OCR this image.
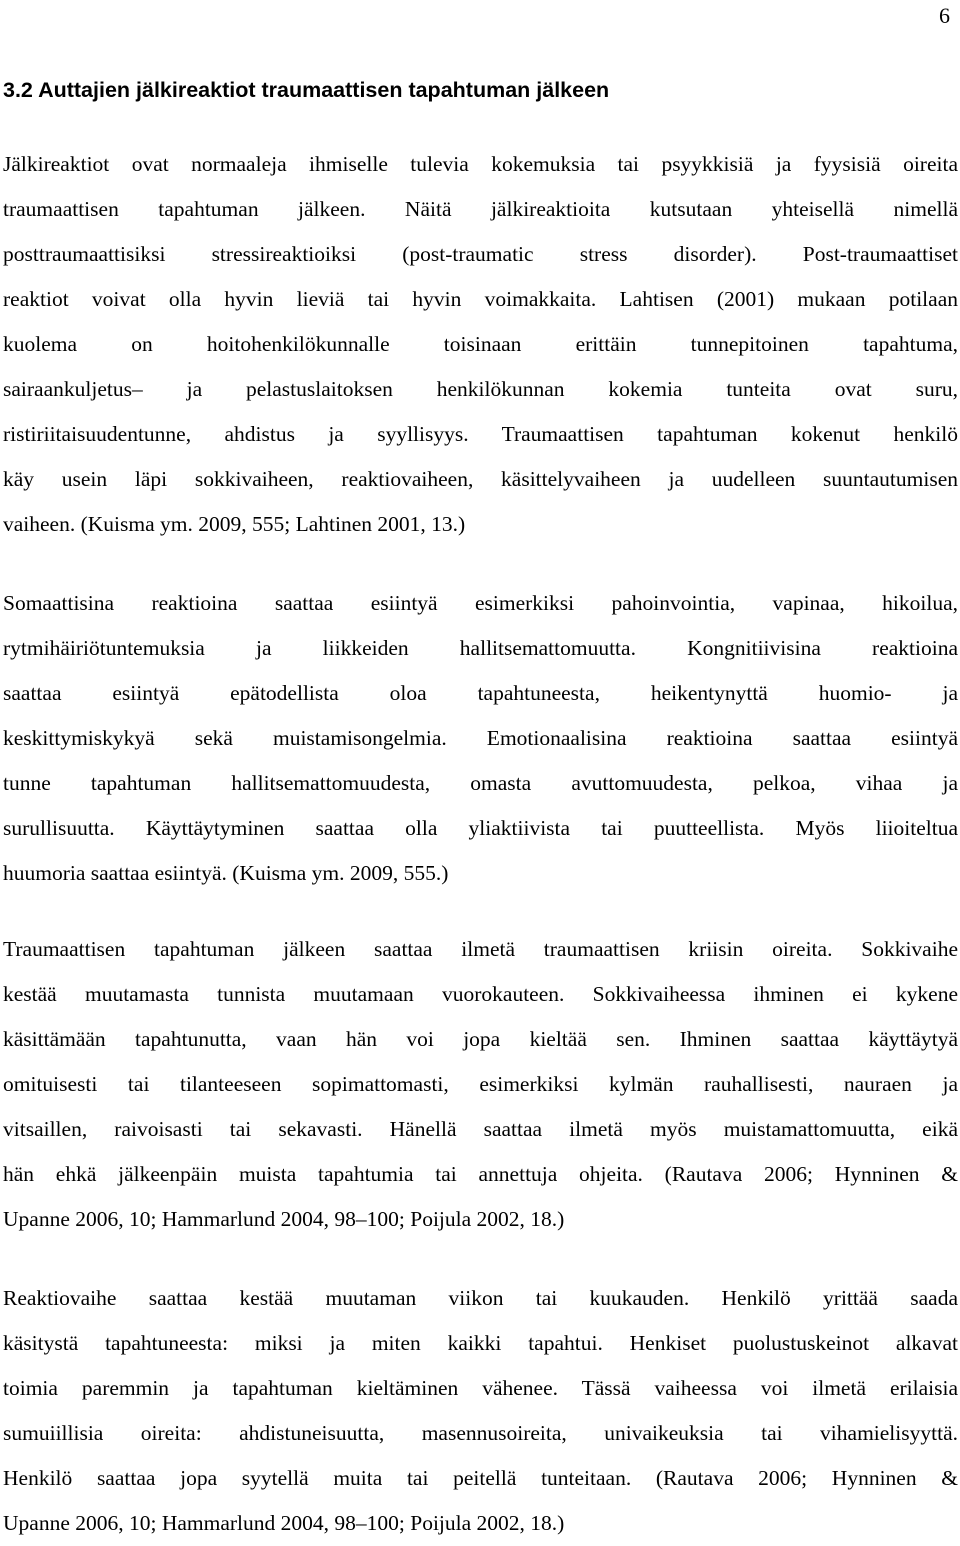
6
3.2 Auttajien jälkireaktiot traumaattisen tapahtuman jälkeen
Jälkireaktiot ovat normaaleja ihmiselle tulevia kokemuksia tai psyykkisiä ja fyysisiä oireita
traumaattisen tapahtuman jälkeen. Näitä jälkireaktioita kutsutaan yhteisellä nimellä
posttraumaattisiksi stressireaktioiksi (post-traumatic stress disorder). Post-traumaattiset
reaktiot voivat olla hyvin lieviä tai hyvin voimakkaita. Lahtisen (2001) mukaan potilaan
kuolema on hoitohenkilökunnalle toisinaan erittäin tunnepitoinen tapahtuma,
sairaankuljetus– ja pelastuslaitoksen henkilökunnan kokemia tunteita ovat suru,
ristiriitaisuudentunne, ahdistus ja syyllisyys. Traumaattisen tapahtuman kokenut henkilö
käy usein läpi sokkivaiheen, reaktiovaiheen, käsittelyvaiheen ja uudelleen suuntautumisen
vaiheen. (Kuisma ym. 2009, 555; Lahtinen 2001, 13.)
Somaattisina reaktioina saattaa esiintyä esimerkiksi pahoinvointia, vapinaa, hikoilua,
rytmihäiriötuntemuksia ja liikkeiden hallitsemattomuutta. Kongnitiivisina reaktioina
saattaa esiintyä epätodellista oloa tapahtuneesta, heikentynyttä huomio- ja
keskittymiskykyä sekä muistamisongelmia. Emotionaalisina reaktioina saattaa esiintyä
tunne tapahtuman hallitsemattomuudesta, omasta avuttomuudesta, pelkoa, vihaa ja
surullisuutta. Käyttäytyminen saattaa olla yliaktiivista tai puutteellista. Myös liioiteltua
huumoria saattaa esiintyä. (Kuisma ym. 2009, 555.)
Traumaattisen tapahtuman jälkeen saattaa ilmetä traumaattisen kriisin oireita. Sokkivaihe
kestää muutamasta tunnista muutamaan vuorokauteen. Sokkivaiheessa ihminen ei kykene
käsittämään tapahtunutta, vaan hän voi jopa kieltää sen. Ihminen saattaa käyttäytyä
omituisesti tai tilanteeseen sopimattomasti, esimerkiksi kylmän rauhallisesti, nauraen ja
vitsaillen, raivoisasti tai sekavasti. Hänellä saattaa ilmetä myös muistamattomuutta, eikä
hän ehkä jälkeenpäin muista tapahtumia tai annettuja ohjeita. (Rautava 2006; Hynninen &
Upanne 2006, 10; Hammarlund 2004, 98–100; Poijula 2002, 18.)
Reaktiovaihe saattaa kestää muutaman viikon tai kuukauden. Henkilö yrittää saada
käsitystä tapahtuneesta: miksi ja miten kaikki tapahtui. Henkiset puolustuskeinot alkavat
toimia paremmin ja tapahtuman kieltäminen vähenee. Tässä vaiheessa voi ilmetä erilaisia
sumuiillisia oireita: ahdistuneisuutta, masennusoireita, univaikeuksia tai vihamielisyyttä.
Henkilö saattaa jopa syytellä muita tai peitellä tunteitaan. (Rautava 2006; Hynninen &
Upanne 2006, 10; Hammarlund 2004, 98–100; Poijula 2002, 18.)
